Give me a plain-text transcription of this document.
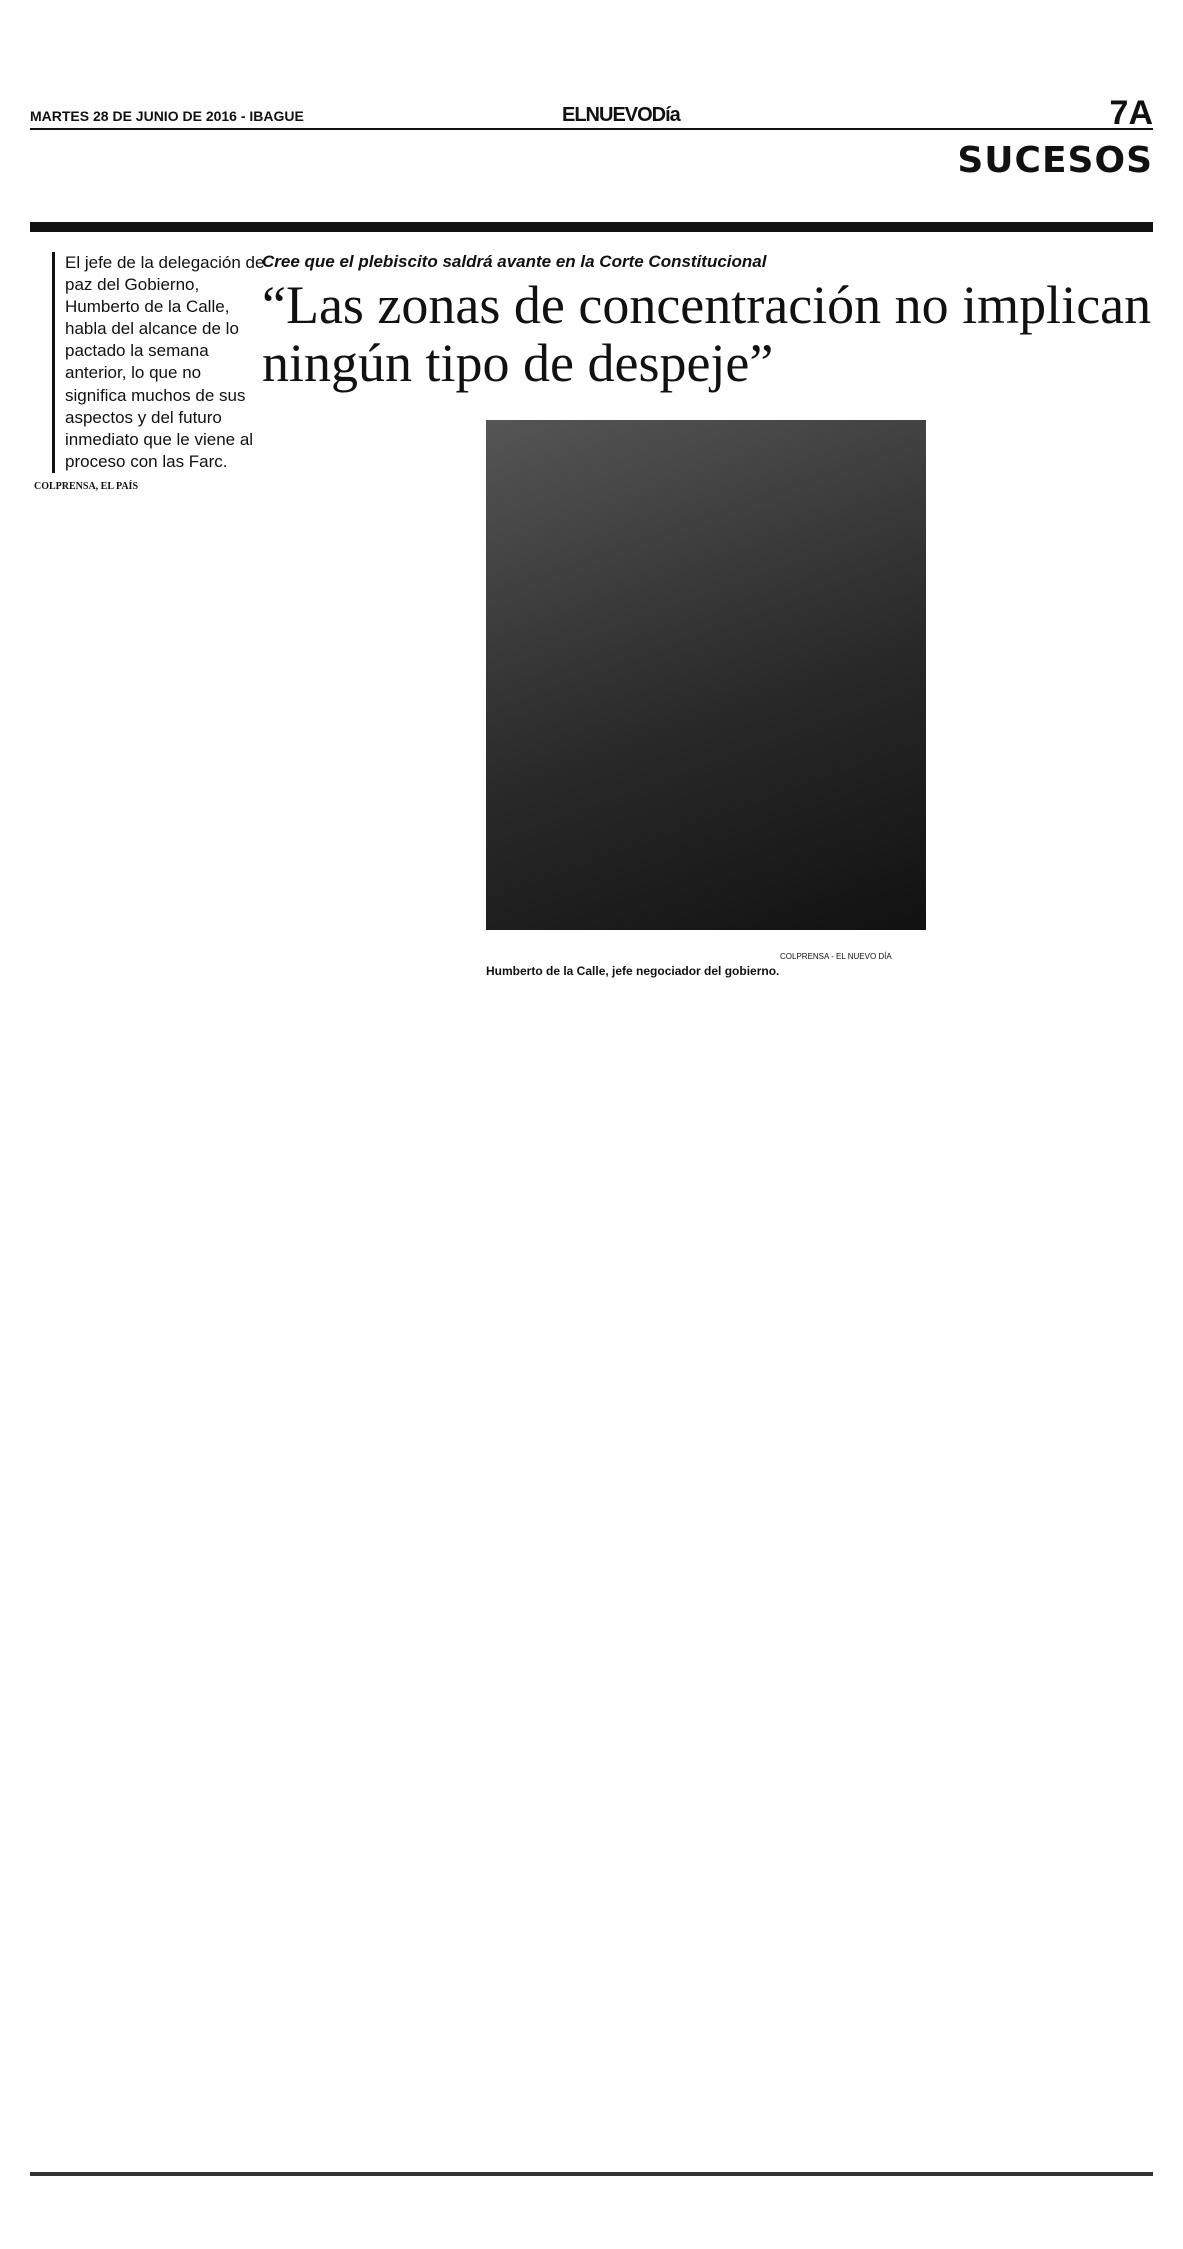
MARTES 28 DE JUNIO DE 2016 - IBAGUE	ELNUEVODía	7A
SUCESOS
El jefe de la delegación de paz del Gobierno, Humberto de la Calle, habla del alcance de lo pactado la semana anterior, lo que no significa muchos de sus aspectos y del futuro inmediato que le viene al proceso con las Farc.
Cree que el plebiscito saldrá avante en la Corte Constitucional
“Las zonas de concentración no implican ningún tipo de despeje”
COLPRENSA - EL NUEVO DÍA
Humberto de la Calle, jefe negociador del gobierno.

COLPRENSA, EL PAÍS
